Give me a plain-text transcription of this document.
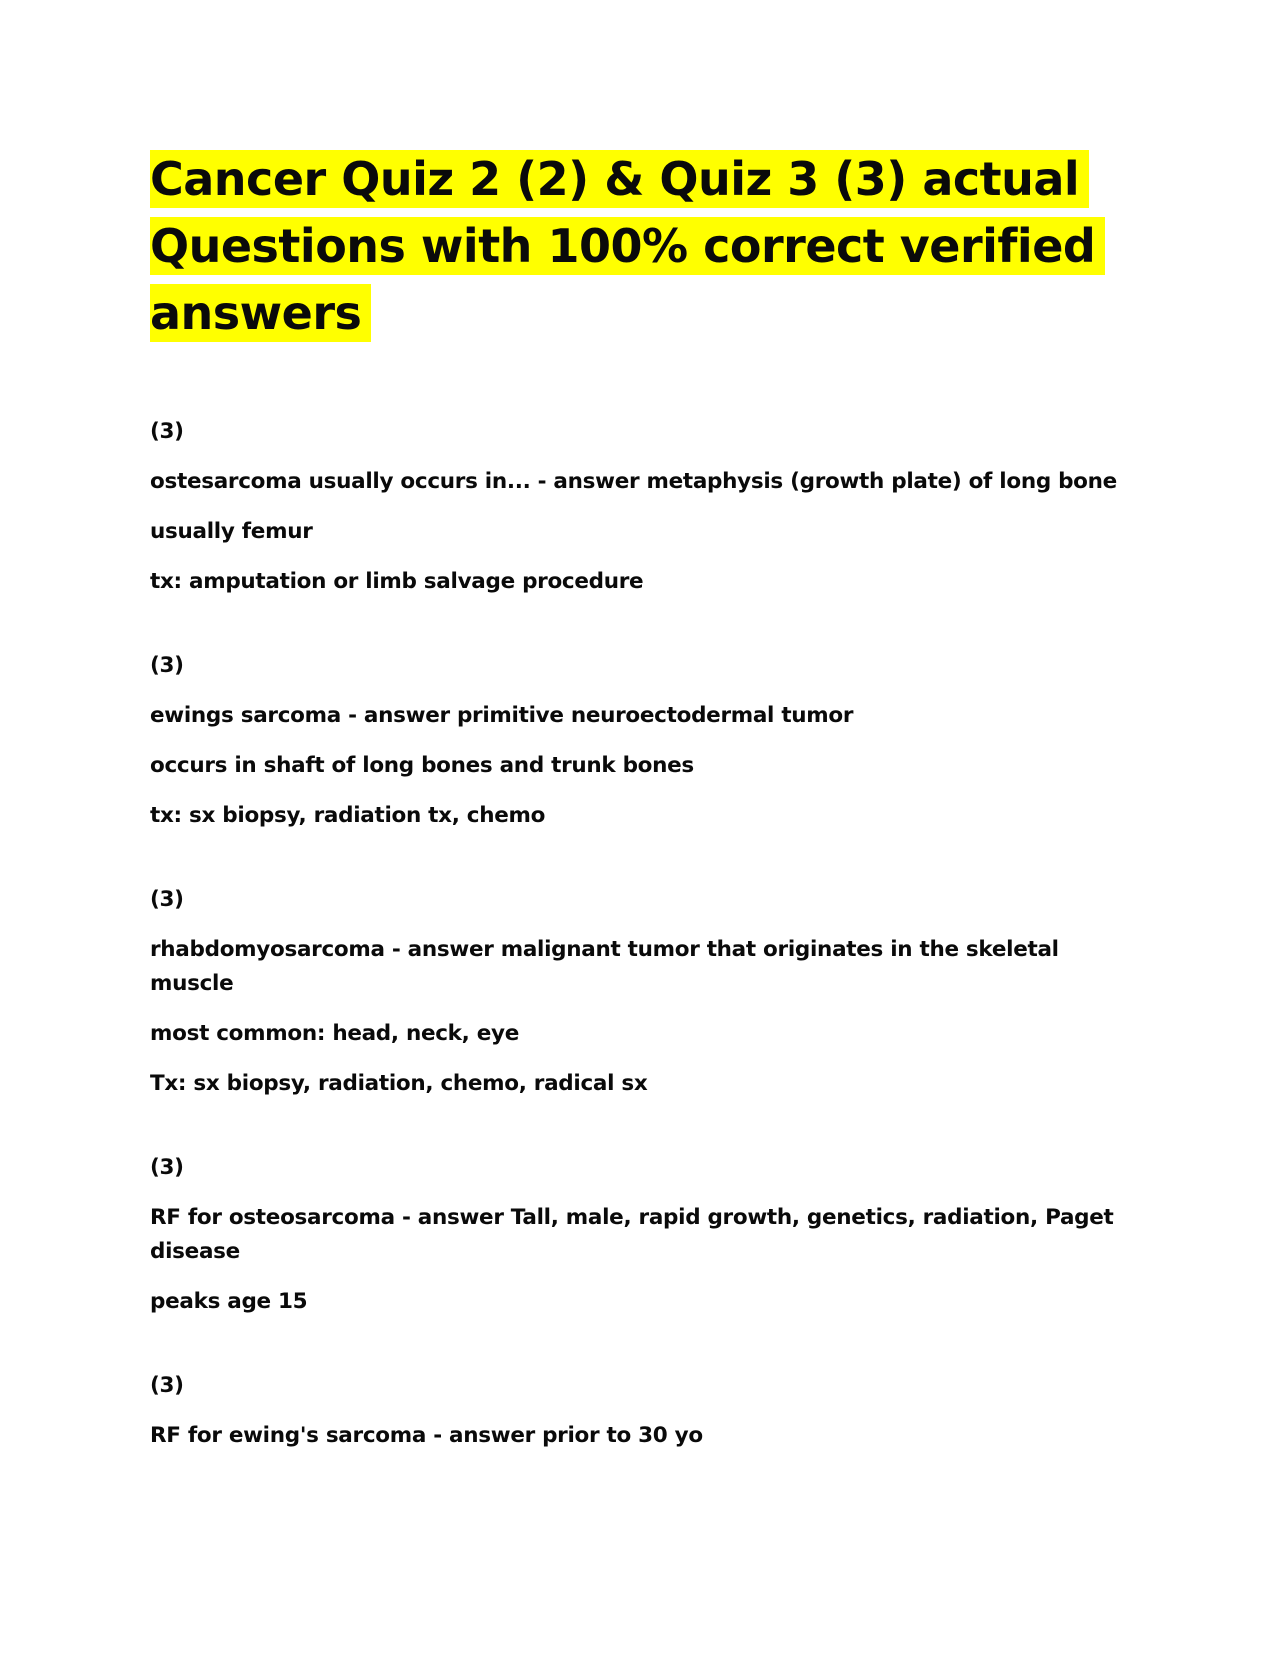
Cancer Quiz 2 (2) & Quiz 3 (3) actual Questions with 100% correct verified answers

(3)

ostesarcoma usually occurs in... - answer metaphysis (growth plate) of long bone

usually femur

tx: amputation or limb salvage procedure

(3)

ewings sarcoma - answer primitive neuroectodermal tumor

occurs in shaft of long bones and trunk bones

tx: sx biopsy, radiation tx, chemo

(3)

rhabdomyosarcoma - answer malignant tumor that originates in the skeletal muscle

most common: head, neck, eye

Tx: sx biopsy, radiation, chemo, radical sx

(3)

RF for osteosarcoma - answer Tall, male, rapid growth, genetics, radiation, Paget disease

peaks age 15

(3)

RF for ewing's sarcoma - answer prior to 30 yo
